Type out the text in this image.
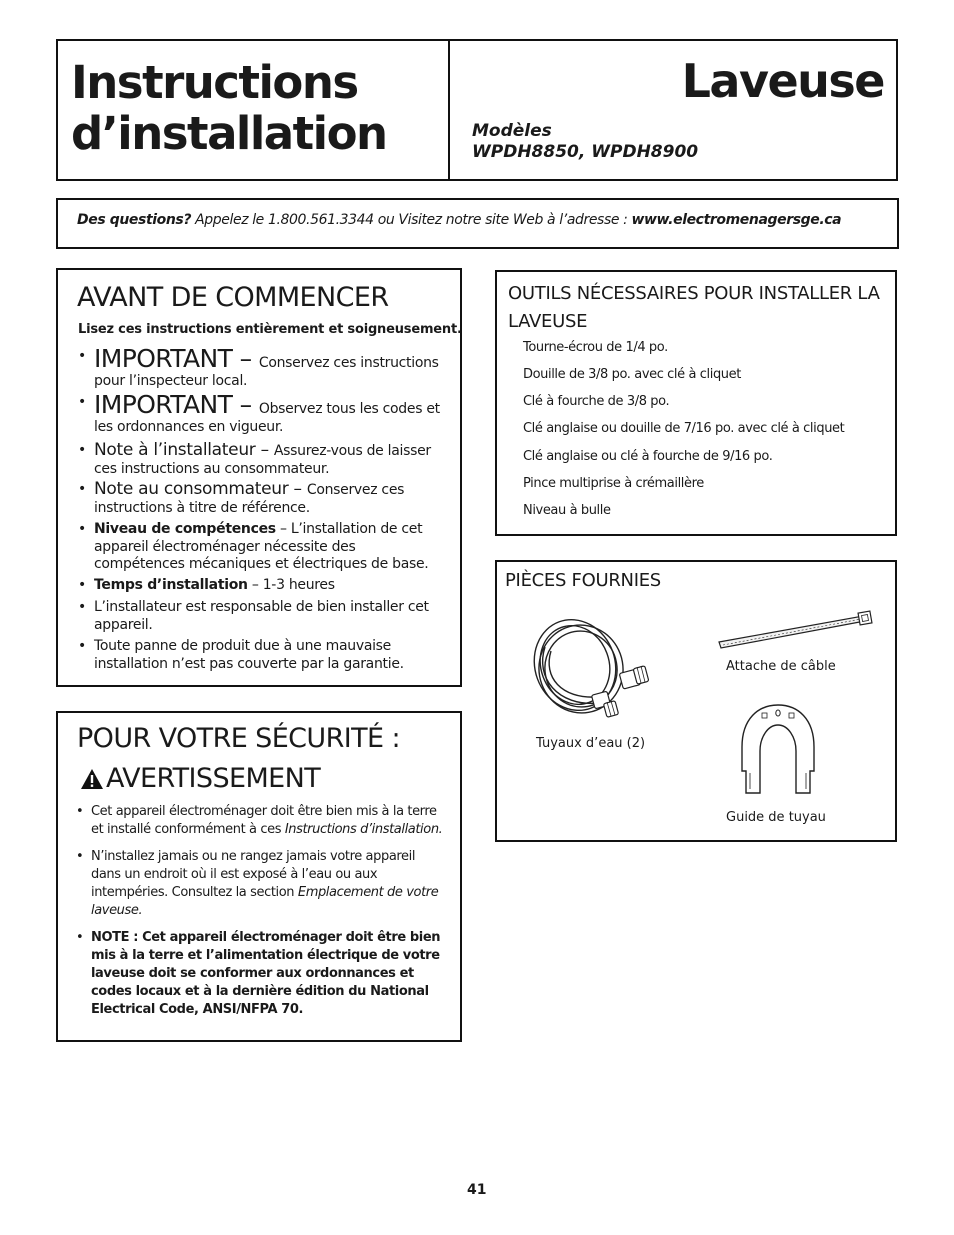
Instructions
d’installation
Laveuse
Modèles
WPDH8850, WPDH8900
Des questions? Appelez le 1.800.561.3344 ou Visitez notre site Web à l’adresse : www.electromenagersge.ca
AVANT DE COMMENCER
Lisez ces instructions entièrement et soigneusement.
• IMPORTANT – Conservez ces instructions pour l’inspecteur local.
• IMPORTANT – Observez tous les codes et les ordonnances en vigueur.
• Note à l’installateur – Assurez-vous de laisser ces instructions au consommateur.
• Note au consommateur – Conservez ces instructions à titre de référence.
• Niveau de compétences – L’installation de cet appareil électroménager nécessite des compétences mécaniques et électriques de base.
• Temps d’installation – 1-3 heures
• L’installateur est responsable de bien installer cet appareil.
• Toute panne de produit due à une mauvaise installation n’est pas couverte par la garantie.
POUR VOTRE SÉCURITÉ :
AVERTISSEMENT
• Cet appareil électroménager doit être bien mis à la terre et installé conformément à ces Instructions d’installation.
• N’installez jamais ou ne rangez jamais votre appareil dans un endroit où il est exposé à l’eau ou aux intempéries. Consultez la section Emplacement de votre laveuse.
• NOTE : Cet appareil électroménager doit être bien mis à la terre et l’alimentation électrique de votre laveuse doit se conformer aux ordonnances et codes locaux et à la dernière édition du National Electrical Code, ANSI/NFPA 70.
OUTILS NÉCESSAIRES POUR INSTALLER LA LAVEUSE
Tourne-écrou de 1/4 po.
Douille de 3/8 po. avec clé à cliquet
Clé à fourche de 3/8 po.
Clé anglaise ou douille de 7/16 po. avec clé à cliquet
Clé anglaise ou clé à fourche de 9/16 po.
Pince multiprise à crémaillère
Niveau à bulle
PIÈCES FOURNIES
Tuyaux d’eau (2)
Attache de câble
Guide de tuyau
41
